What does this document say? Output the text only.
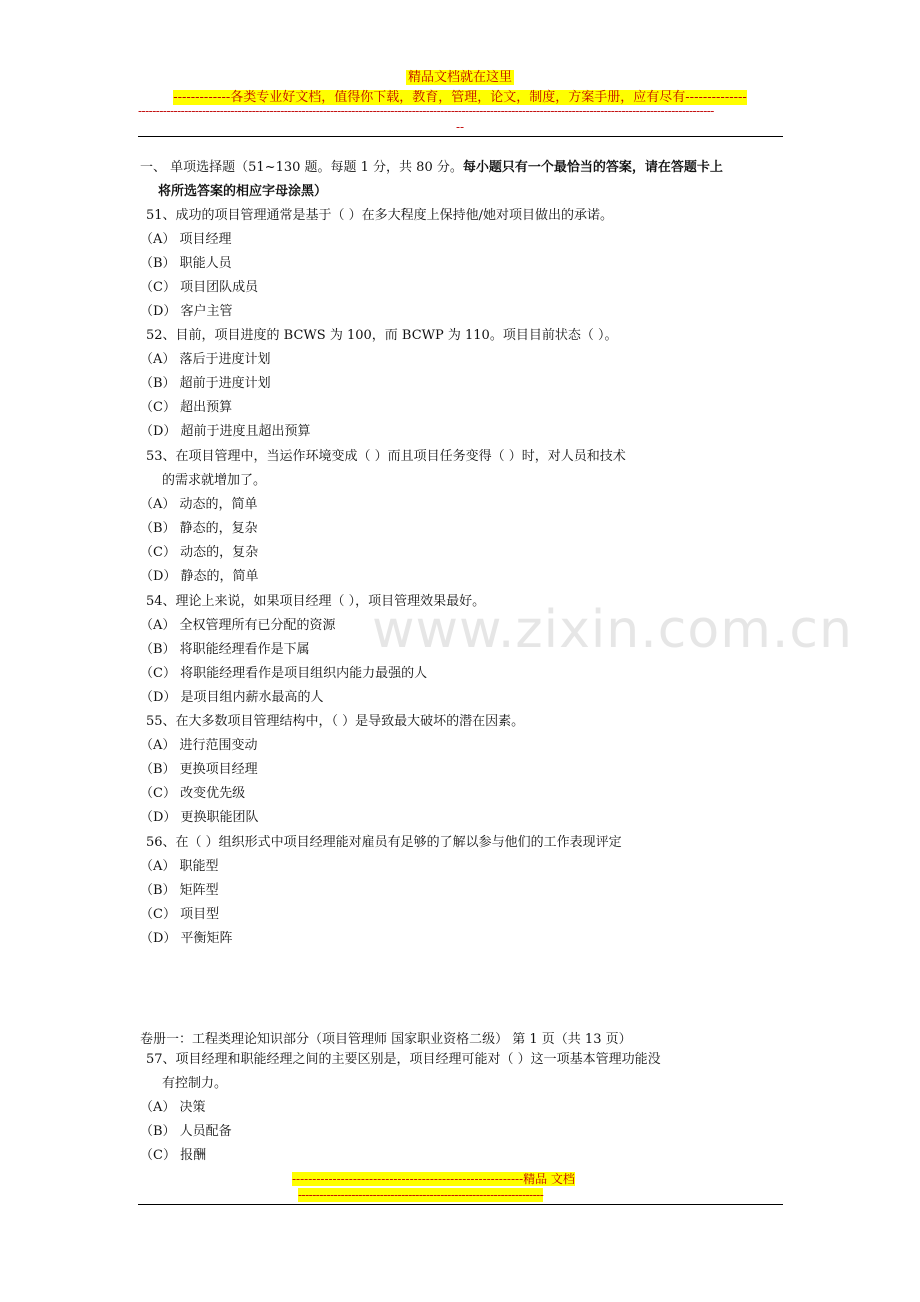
精品文档就在这里
-------------各类专业好文档，值得你下载，教育，管理，论文，制度，方案手册，应有尽有--------------
------------------------------------------------------------------------------------------------------------------------------------------------------------------
--
www.zixin.com.cn
一、 单项选择题（51~130 题。每题 1 分，共 80 分。每小题只有一个最恰当的答案，请在答题卡上
将所选答案的相应字母涂黑）
51、成功的项目管理通常是基于（ ）在多大程度上保持他/她对项目做出的承诺。
（A） 项目经理
（B） 职能人员
（C） 项目团队成员
（D） 客户主管
52、目前，项目进度的 BCWS 为 100，而 BCWP 为 110。项目目前状态（ ）。
（A） 落后于进度计划
（B） 超前于进度计划
（C） 超出预算
（D） 超前于进度且超出预算
53、在项目管理中，当运作环境变成（ ）而且项目任务变得（ ）时，对人员和技术
的需求就增加了。
（A） 动态的，简单
（B） 静态的，复杂
（C） 动态的，复杂
（D） 静态的，简单
54、理论上来说，如果项目经理（ ），项目管理效果最好。
（A） 全权管理所有已分配的资源
（B） 将职能经理看作是下属
（C） 将职能经理看作是项目组织内能力最强的人
（D） 是项目组内薪水最高的人
55、在大多数项目管理结构中，（ ）是导致最大破坏的潜在因素。
（A） 进行范围变动
（B） 更换项目经理
（C） 改变优先级
（D） 更换职能团队
56、在（ ）组织形式中项目经理能对雇员有足够的了解以参与他们的工作表现评定
（A） 职能型
（B） 矩阵型
（C） 项目型
（D） 平衡矩阵
卷册一：工程类理论知识部分（项目管理师 国家职业资格二级） 第 1 页（共 13 页）
57、项目经理和职能经理之间的主要区别是，项目经理可能对（ ）这一项基本管理功能没
有控制力。
（A） 决策
（B） 人员配备
（C） 报酬
---------------------------------------------------------精品 文档
---------------------------------------------------------------------
